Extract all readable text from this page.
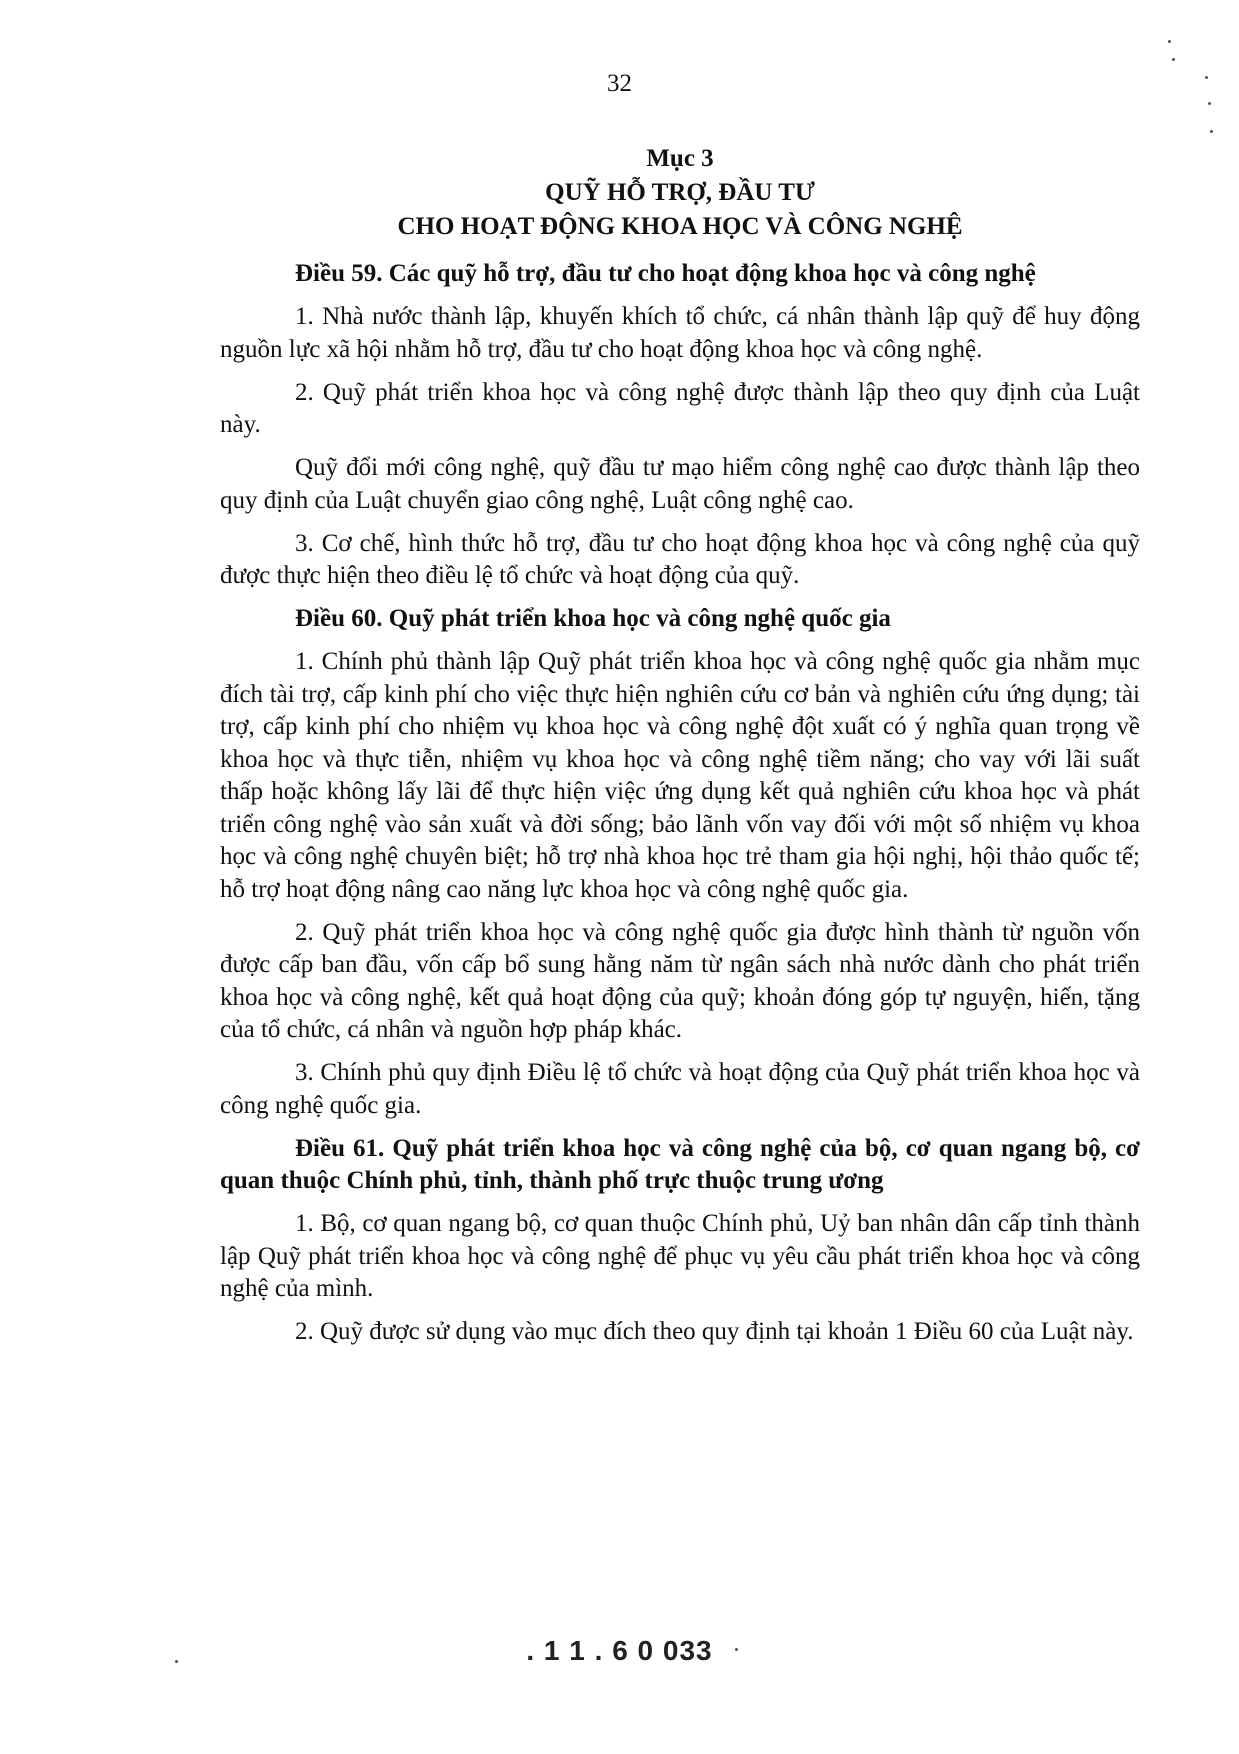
32
Mục 3
QUỸ HỖ TRỢ, ĐẦU TƯ
CHO HOẠT ĐỘNG KHOA HỌC VÀ CÔNG NGHỆ

Điều 59. Các quỹ hỗ trợ, đầu tư cho hoạt động khoa học và công nghệ

1. Nhà nước thành lập, khuyến khích tổ chức, cá nhân thành lập quỹ để huy động nguồn lực xã hội nhằm hỗ trợ, đầu tư cho hoạt động khoa học và công nghệ.

2. Quỹ phát triển khoa học và công nghệ được thành lập theo quy định của Luật này.

Quỹ đổi mới công nghệ, quỹ đầu tư mạo hiểm công nghệ cao được thành lập theo quy định của Luật chuyển giao công nghệ, Luật công nghệ cao.

3. Cơ chế, hình thức hỗ trợ, đầu tư cho hoạt động khoa học và công nghệ của quỹ được thực hiện theo điều lệ tổ chức và hoạt động của quỹ.

Điều 60. Quỹ phát triển khoa học và công nghệ quốc gia

1. Chính phủ thành lập Quỹ phát triển khoa học và công nghệ quốc gia nhằm mục đích tài trợ, cấp kinh phí cho việc thực hiện nghiên cứu cơ bản và nghiên cứu ứng dụng; tài trợ, cấp kinh phí cho nhiệm vụ khoa học và công nghệ đột xuất có ý nghĩa quan trọng về khoa học và thực tiễn, nhiệm vụ khoa học và công nghệ tiềm năng; cho vay với lãi suất thấp hoặc không lấy lãi để thực hiện việc ứng dụng kết quả nghiên cứu khoa học và phát triển công nghệ vào sản xuất và đời sống; bảo lãnh vốn vay đối với một số nhiệm vụ khoa học và công nghệ chuyên biệt; hỗ trợ nhà khoa học trẻ tham gia hội nghị, hội thảo quốc tế; hỗ trợ hoạt động nâng cao năng lực khoa học và công nghệ quốc gia.

2. Quỹ phát triển khoa học và công nghệ quốc gia được hình thành từ nguồn vốn được cấp ban đầu, vốn cấp bổ sung hằng năm từ ngân sách nhà nước dành cho phát triển khoa học và công nghệ, kết quả hoạt động của quỹ; khoản đóng góp tự nguyện, hiến, tặng của tổ chức, cá nhân và nguồn hợp pháp khác.

3. Chính phủ quy định Điều lệ tổ chức và hoạt động của Quỹ phát triển khoa học và công nghệ quốc gia.

Điều 61. Quỹ phát triển khoa học và công nghệ của bộ, cơ quan ngang bộ, cơ quan thuộc Chính phủ, tỉnh, thành phố trực thuộc trung ương

1. Bộ, cơ quan ngang bộ, cơ quan thuộc Chính phủ, Uỷ ban nhân dân cấp tỉnh thành lập Quỹ phát triển khoa học và công nghệ để phục vụ yêu cầu phát triển khoa học và công nghệ của mình.

2. Quỹ được sử dụng vào mục đích theo quy định tại khoản 1 Điều 60 của Luật này.

. 1 1 . 6 0 033
